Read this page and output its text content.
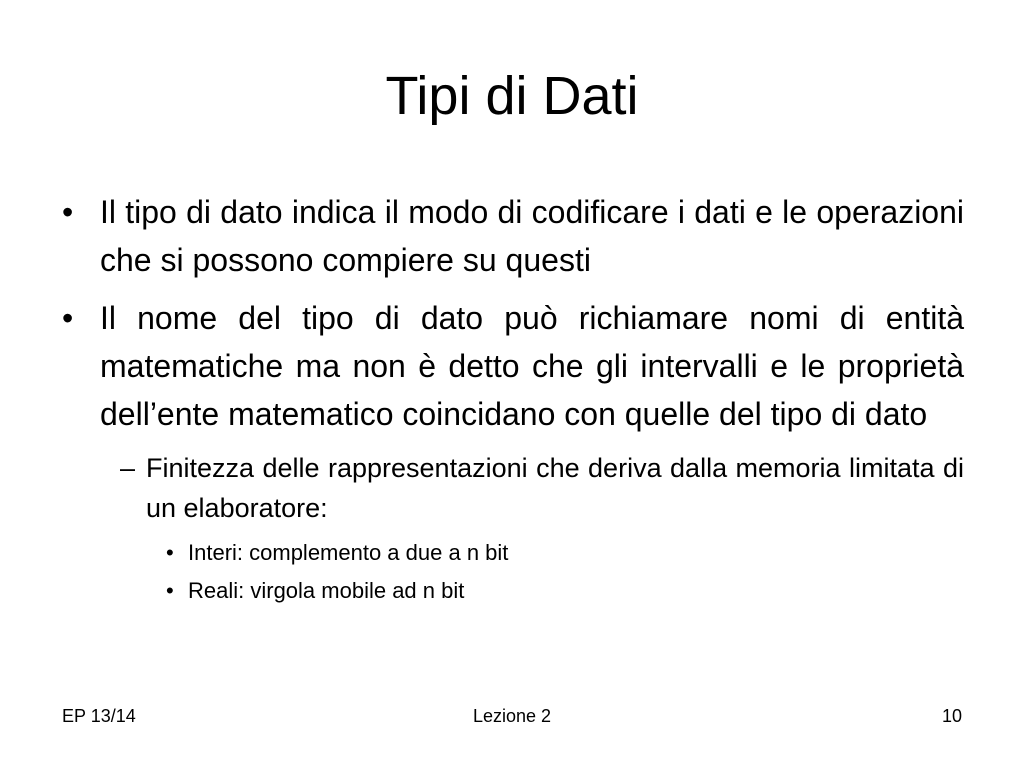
Tipi di Dati
• Il tipo di dato indica il modo di codificare i dati e le operazioni che si possono compiere su questi
• Il nome del tipo di dato può richiamare nomi di entità matematiche ma non è detto che gli intervalli e le proprietà dell’ente matematico coincidano con quelle del tipo di dato
– Finitezza delle rappresentazioni che deriva dalla memoria limitata di un elaboratore:
• Interi: complemento a due a n bit
• Reali: virgola mobile ad n bit
EP 13/14	Lezione 2	10
